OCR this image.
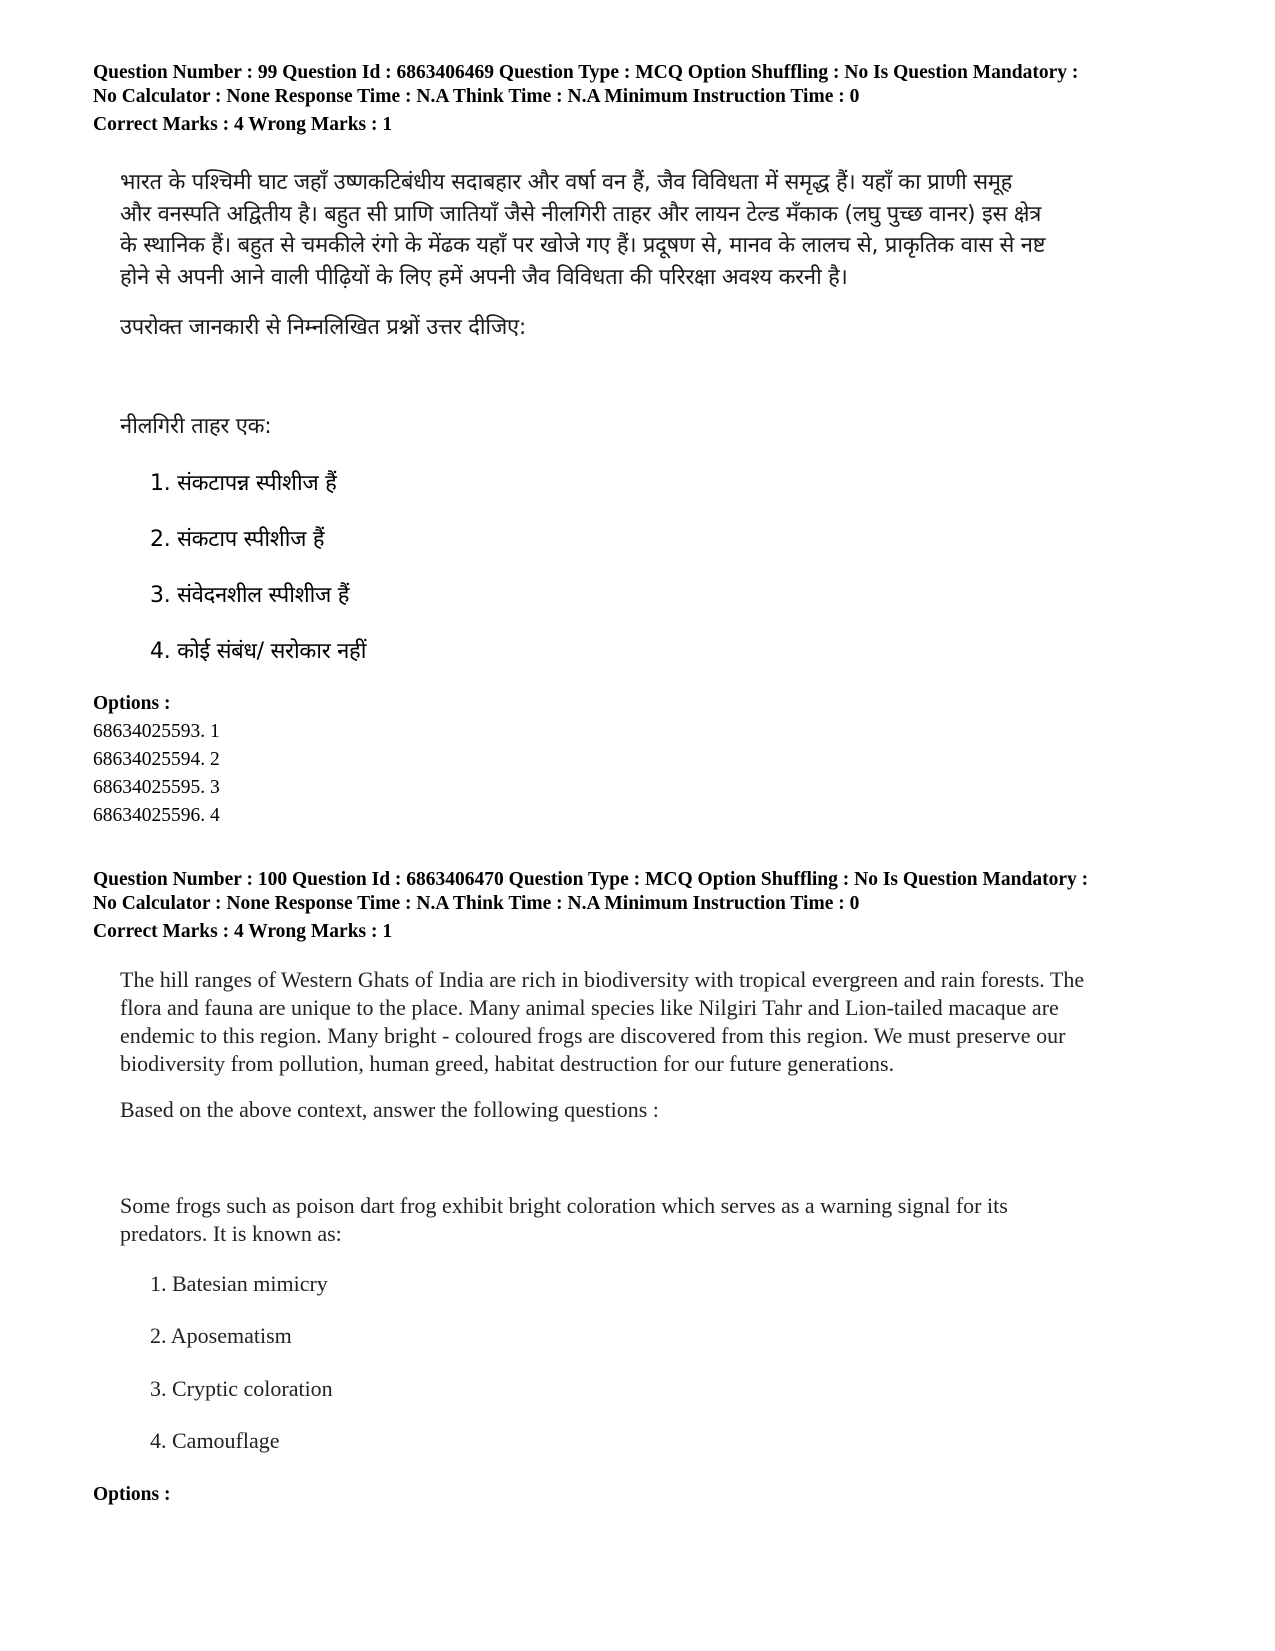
Question Number : 99 Question Id : 6863406469 Question Type : MCQ Option Shuffling : No Is Question Mandatory :
No Calculator : None Response Time : N.A Think Time : N.A Minimum Instruction Time : 0

Correct Marks : 4 Wrong Marks : 1

भारत के पश्चिमी घाट जहाँ उष्णकटिबंधीय सदाबहार और वर्षा वन हैं, जैव विविधता में समृद्ध हैं। यहाँ का प्राणी समूह

और वनस्पति अद्वितीय है। बहुत सी प्राणि जातियाँ जैसे नीलगिरी ताहर और लायन टेल्ड मँकाक (लघु पुच्छ वानर) इस क्षेत्र

के स्थानिक हैं। बहुत से चमकीले रंगो के मेंढक यहाँ पर खोजे गए हैं। प्रदूषण से, मानव के लालच से, प्राकृतिक वास से नष्ट

होने से अपनी आने वाली पीढ़ियों के लिए हमें अपनी जैव विविधता की परिरक्षा अवश्य करनी है।

उपरोक्त जानकारी से निम्नलिखित प्रश्नों उत्तर दीजिए:

नीलगिरी ताहर एक:

1. संकटापन्न स्पीशीज हैं

2. संकटाप स्पीशीज हैं

3. संवेदनशील स्पीशीज हैं

4. कोई संबंध/ सरोकार नहीं

Options :

68634025593. 1

68634025594. 2

68634025595. 3

68634025596. 4

Question Number : 100 Question Id : 6863406470 Question Type : MCQ Option Shuffling : No Is Question Mandatory :
No Calculator : None Response Time : N.A Think Time : N.A Minimum Instruction Time : 0

Correct Marks : 4 Wrong Marks : 1

The hill ranges of Western Ghats of India are rich in biodiversity with tropical evergreen and rain forests. The

flora and fauna are unique to the place. Many animal species like Nilgiri Tahr and Lion-tailed macaque are

endemic to this region. Many bright - coloured frogs are discovered from this region. We must preserve our

biodiversity from pollution, human greed, habitat destruction for our future generations.

Based on the above context, answer the following questions :

Some frogs such as poison dart frog exhibit bright coloration which serves as a warning signal for its

predators. It is known as:

1. Batesian mimicry

2. Aposematism

3. Cryptic coloration

4. Camouflage

Options :
